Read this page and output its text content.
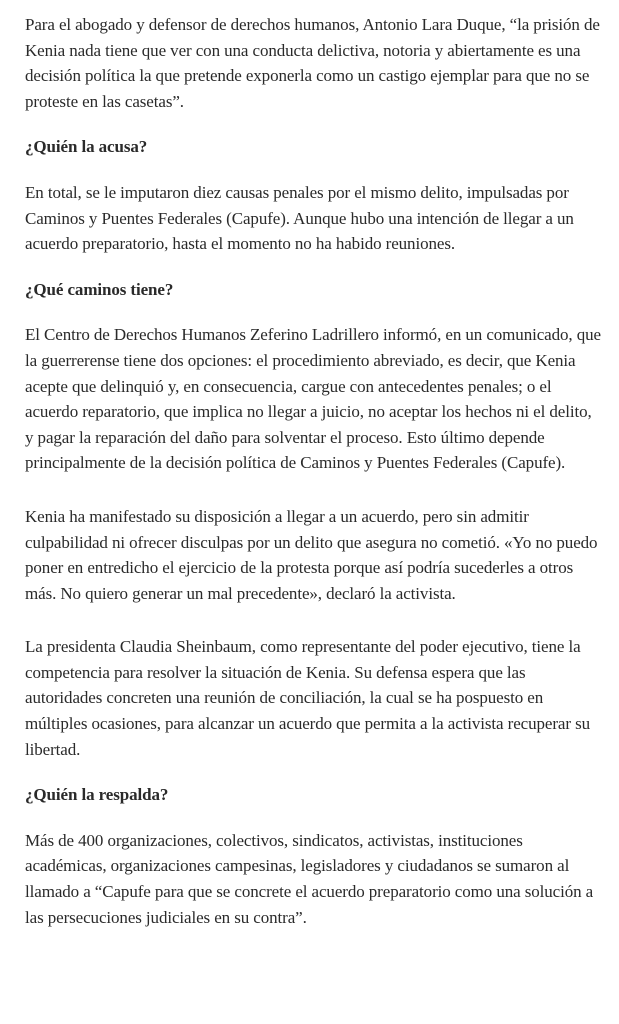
Para el abogado y defensor de derechos humanos, Antonio Lara Duque, “la prisión de Kenia nada tiene que ver con una conducta delictiva, notoria y abiertamente es una decisión política la que pretende exponerla como un castigo ejemplar para que no se proteste en las casetas”.

¿Quién la acusa?

En total, se le imputaron diez causas penales por el mismo delito, impulsadas por Caminos y Puentes Federales (Capufe). Aunque hubo una intención de llegar a un acuerdo preparatorio, hasta el momento no ha habido reuniones.

¿Qué caminos tiene?

El Centro de Derechos Humanos Zeferino Ladrillero informó, en un comunicado, que la guerrerense tiene dos opciones: el procedimiento abreviado, es decir, que Kenia acepte que delinquió y, en consecuencia, cargue con antecedentes penales; o el acuerdo reparatorio, que implica no llegar a juicio, no aceptar los hechos ni el delito, y pagar la reparación del daño para solventar el proceso. Esto último depende principalmente de la decisión política de Caminos y Puentes Federales (Capufe).

Kenia ha manifestado su disposición a llegar a un acuerdo, pero sin admitir culpabilidad ni ofrecer disculpas por un delito que asegura no cometió. «Yo no puedo poner en entredicho el ejercicio de la protesta porque así podría sucederles a otros más. No quiero generar un mal precedente», declaró la activista.

La presidenta Claudia Sheinbaum, como representante del poder ejecutivo, tiene la competencia para resolver la situación de Kenia. Su defensa espera que las autoridades concreten una reunión de conciliación, la cual se ha pospuesto en múltiples ocasiones, para alcanzar un acuerdo que permita a la activista recuperar su libertad.

¿Quién la respalda?

Más de 400 organizaciones, colectivos, sindicatos, activistas, instituciones académicas, organizaciones campesinas, legisladores y ciudadanos se sumaron al llamado a “Capufe para que se concrete el acuerdo preparatorio como una solución a las persecuciones judiciales en su contra”.
